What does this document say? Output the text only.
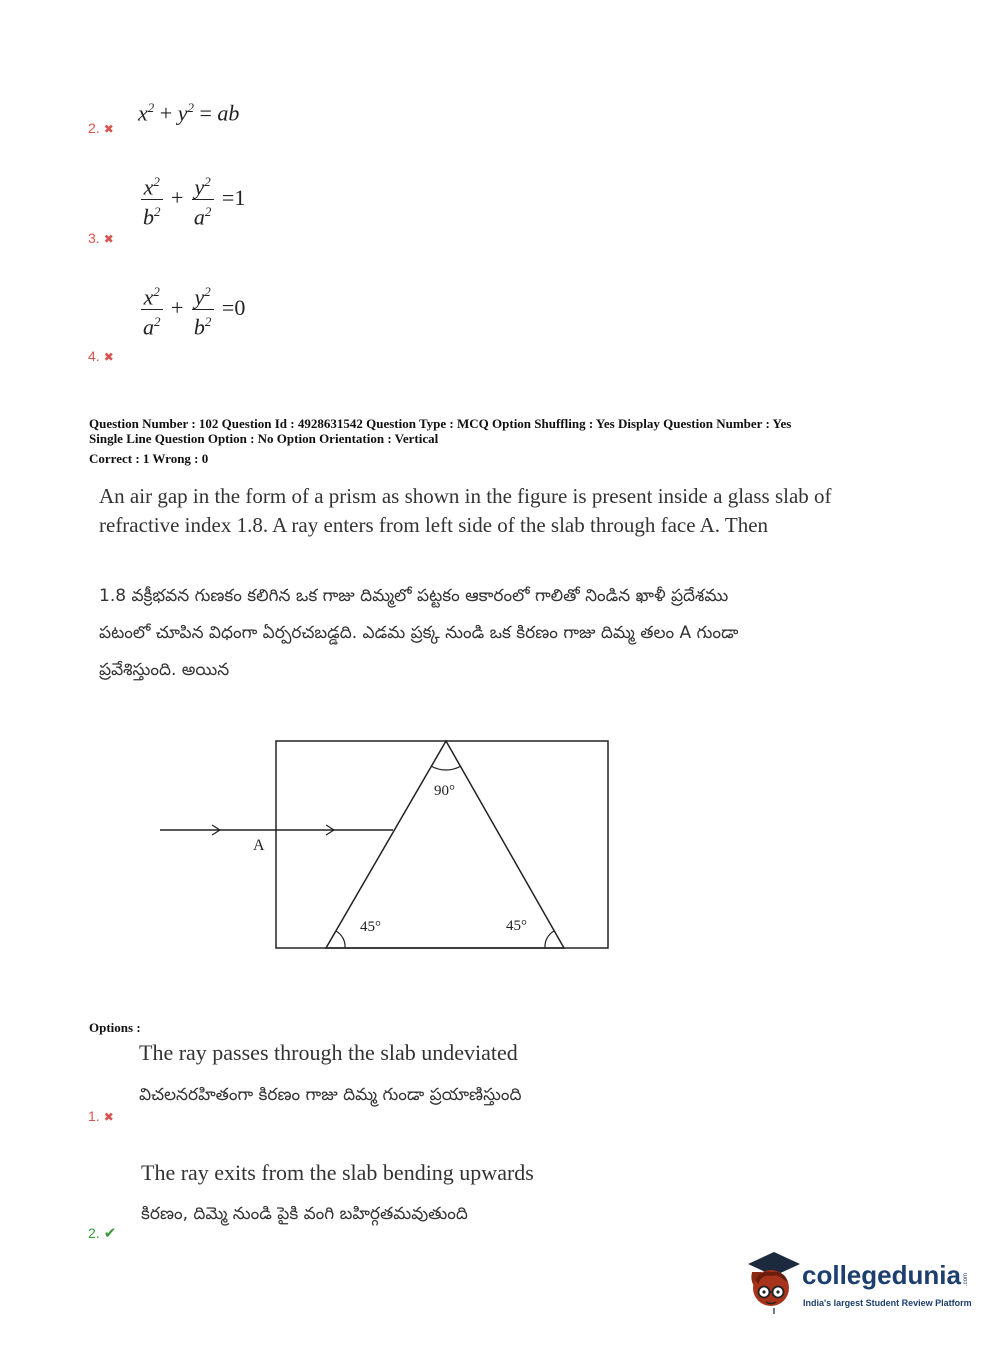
2. ✖
$x^2 + y^2$ = ab
3. ✖
$\frac{x^2}{b^2} + \frac{y^2}{a^2} =1$
4. ✖
$\frac{x^2}{a^2} + \frac{y^2}{b^2} =0$
Question Number : 102 Question Id : 4928631542 Question Type : MCQ Option Shuffling : Yes Display Question Number : Yes
Single Line Question Option : No Option Orientation : Vertical
Correct : 1 Wrong : 0
An air gap in the form of a prism as shown in the figure is present inside a glass slab of
refractive index 1.8. A ray enters from left side of the slab through face A. Then
1.8 వక్రీభవన గుణకం కలిగిన ఒక గాజు దిమ్మలో పట్టకం ఆకారంలో గాలితో నిండిన ఖాళీ ప్రదేశము
పటంలో చూపిన విధంగా ఏర్పరచబడ్డది. ఎడమ ప్రక్క నుండి ఒక కిరణం గాజు దిమ్మ తలం A గుండా
ప్రవేశిస్తుంది. అయిన
90°
45°	45°
A
Options :
The ray passes through the slab undeviated
విచలనరహితంగా కిరణం గాజు దిమ్మ గుండా ప్రయాణిస్తుంది
1. ✖
The ray exits from the slab bending upwards
కిరణం, దిమ్మె నుండి పైకి వంగి బహిర్గతమవుతుంది
2. ✔
collegedunia .com
India's largest Student Review Platform
